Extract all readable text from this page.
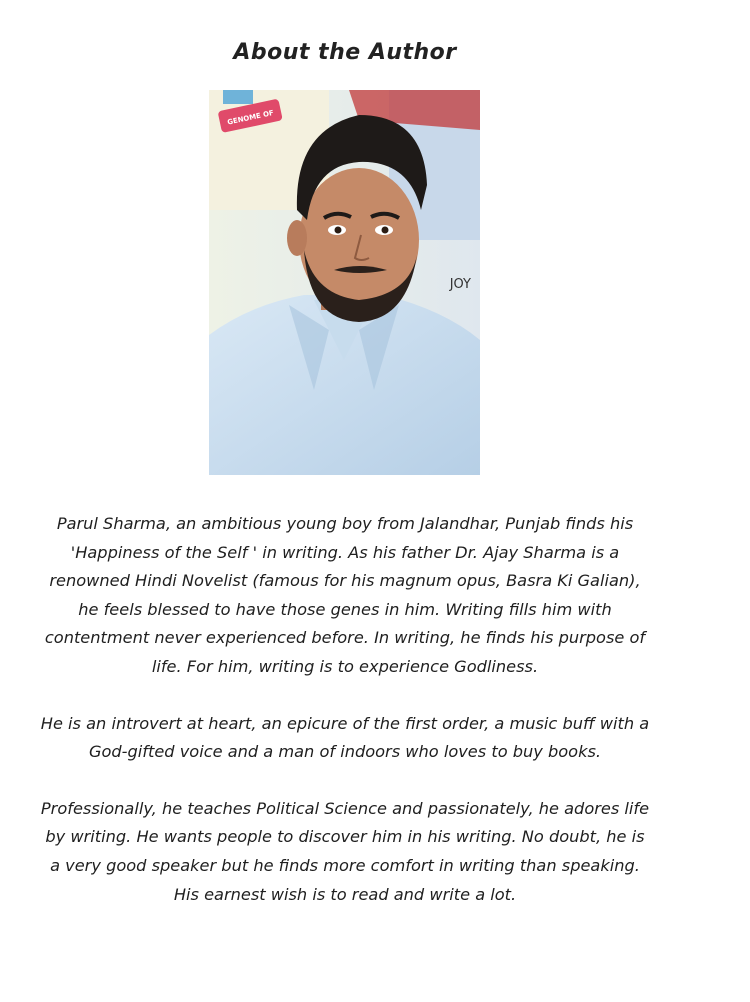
About the Author
GENOME OF
JOY

Parul Sharma, an ambitious young boy from Jalandhar, Punjab finds his 'Happiness of the Self ' in writing. As his father Dr. Ajay Sharma is a renowned Hindi Novelist (famous for his magnum opus, Basra Ki Galian), he feels blessed to have those genes in him. Writing fills him with contentment never experienced before. In writing, he finds his purpose of life. For him, writing is to experience Godliness.

He is an introvert at heart, an epicure of the first order, a music buff with a God-gifted voice and a man of indoors who loves to buy books.

Professionally, he teaches Political Science and passionately, he adores life by writing. He wants people to discover him in his writing. No doubt, he is a very good speaker but he finds more comfort in writing than speaking. His earnest wish is to read and write a lot.
